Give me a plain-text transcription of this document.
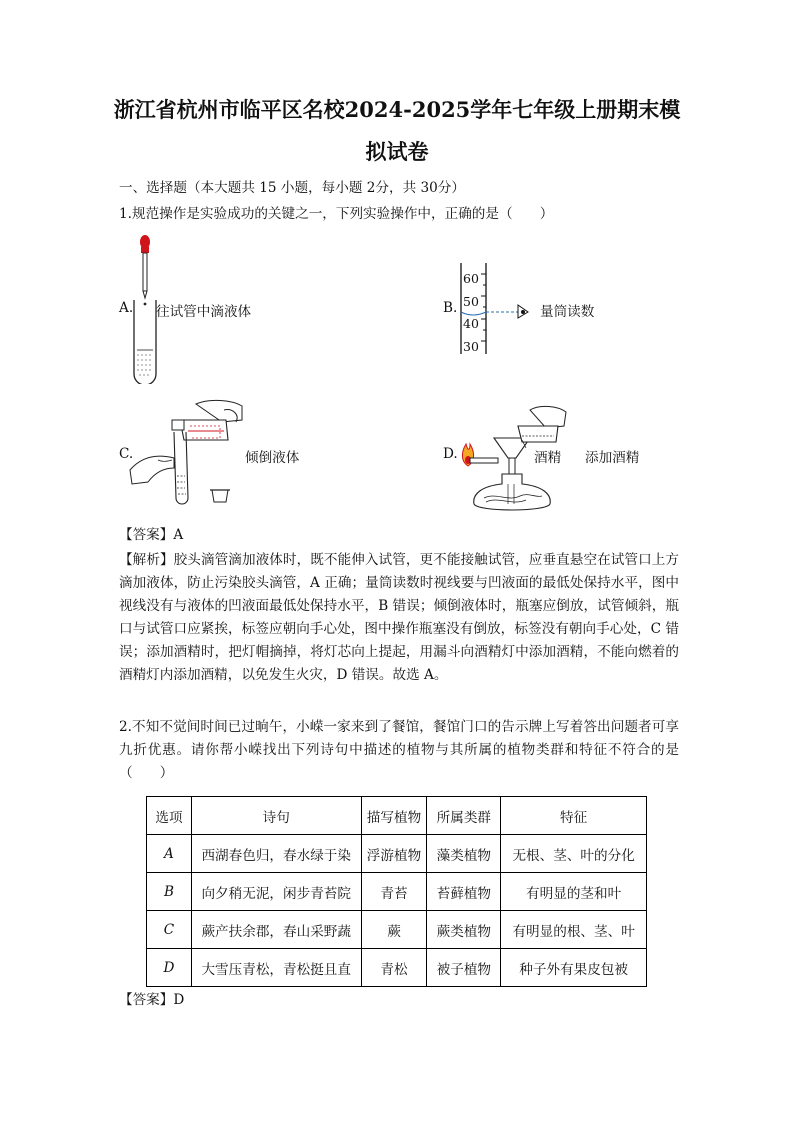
浙江省杭州市临平区名校2024-2025学年七年级上册期末模
拟试卷
一、选择题（本大题共 15 小题，每小题 2分，共 30分）
1.规范操作是实验成功的关键之一，下列实验操作中，正确的是（　　）
A. 往试管中滴液体	B.
60
50
40
30
量筒读数
C.	倾倒液体	D.	酒精 添加酒精
【答案】A
【解析】胶头滴管滴加液体时，既不能伸入试管，更不能接触试管，应垂直悬空在试管口上方滴加液体，防止污染胶头滴管，A 正确；量筒读数时视线要与凹液面的最低处保持水平，图中视线没有与液体的凹液面最低处保持水平，B 错误；倾倒液体时，瓶塞应倒放，试管倾斜，瓶口与试管口应紧挨，标签应朝向手心处，图中操作瓶塞没有倒放，标签没有朝向手心处，C 错误；添加酒精时，把灯帽摘掉，将灯芯向上提起，用漏斗向酒精灯中添加酒精，不能向燃着的酒精灯内添加酒精，以免发生火灾，D 错误。故选 A。
2.不知不觉间时间已过晌午，小嵘一家来到了餐馆，餐馆门口的告示牌上写着答出问题者可享九折优惠。请你帮小嵘找出下列诗句中描述的植物与其所属的植物类群和特征不符合的是（　　）
选项	诗句	描写植物	所属类群	特征
A	西湖春色归，春水绿于染	浮游植物	藻类植物	无根、茎、叶的分化
B	向夕稍无泥，闲步青苔院	青苔	苔藓植物	有明显的茎和叶
C	蕨产扶余郡，春山采野蔬	蕨	蕨类植物	有明显的根、茎、叶
D	大雪压青松，青松挺且直	青松	被子植物	种子外有果皮包被
【答案】D
